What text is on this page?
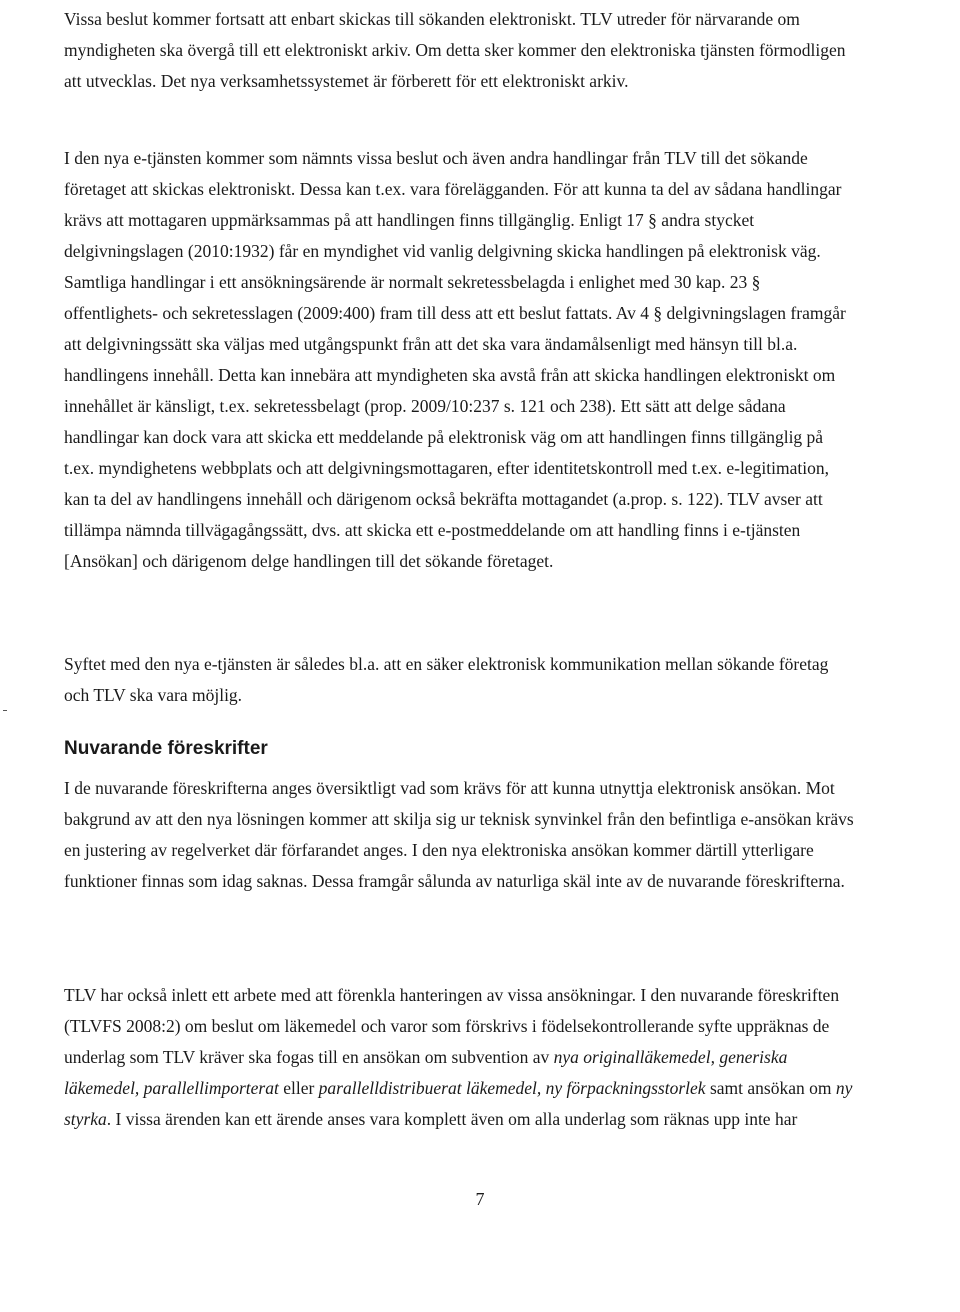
Vissa beslut kommer fortsatt att enbart skickas till sökanden elektroniskt. TLV utreder för närvarande om myndigheten ska övergå till ett elektroniskt arkiv. Om detta sker kommer den elektroniska tjänsten förmodligen att utvecklas. Det nya verksamhetssystemet är förberett för ett elektroniskt arkiv.

I den nya e-tjänsten kommer som nämnts vissa beslut och även andra handlingar från TLV till det sökande företaget att skickas elektroniskt. Dessa kan t.ex. vara förelägganden. För att kunna ta del av sådana handlingar krävs att mottagaren uppmärksammas på att handlingen finns tillgänglig. Enligt 17 § andra stycket delgivningslagen (2010:1932) får en myndighet vid vanlig delgivning skicka handlingen på elektronisk väg. Samtliga handlingar i ett ansökningsärende är normalt sekretessbelagda i enlighet med 30 kap. 23 § offentlighets- och sekretesslagen (2009:400) fram till dess att ett beslut fattats. Av 4 § delgivningslagen framgår att delgivningssätt ska väljas med utgångspunkt från att det ska vara ändamålsenligt med hänsyn till bl.a. handlingens innehåll. Detta kan innebära att myndigheten ska avstå från att skicka handlingen elektroniskt om innehållet är känsligt, t.ex. sekretessbelagt (prop. 2009/10:237 s. 121 och 238). Ett sätt att delge sådana handlingar kan dock vara att skicka ett meddelande på elektronisk väg om att handlingen finns tillgänglig på t.ex. myndighetens webbplats och att delgivningsmottagaren, efter identitetskontroll med t.ex. e-legitimation, kan ta del av handlingens innehåll och därigenom också bekräfta mottagandet (a.prop. s. 122). TLV avser att tillämpa nämnda tillvägagångssätt, dvs. att skicka ett e-postmeddelande om att handling finns i e-tjänsten [Ansökan] och därigenom delge handlingen till det sökande företaget.

Syftet med den nya e-tjänsten är således bl.a. att en säker elektronisk kommunikation mellan sökande företag och TLV ska vara möjlig.

Nuvarande föreskrifter

I de nuvarande föreskrifterna anges översiktligt vad som krävs för att kunna utnyttja elektronisk ansökan. Mot bakgrund av att den nya lösningen kommer att skilja sig ur teknisk synvinkel från den befintliga e-ansökan krävs en justering av regelverket där förfarandet anges. I den nya elektroniska ansökan kommer därtill ytterligare funktioner finnas som idag saknas. Dessa framgår sålunda av naturliga skäl inte av de nuvarande föreskrifterna.

TLV har också inlett ett arbete med att förenkla hanteringen av vissa ansökningar. I den nuvarande föreskriften (TLVFS 2008:2) om beslut om läkemedel och varor som förskrivs i födelsekontrollerande syfte uppräknas de underlag som TLV kräver ska fogas till en ansökan om subvention av nya originalläkemedel, generiska läkemedel, parallellimporterat eller parallelldistribuerat läkemedel, ny förpackningsstorlek samt ansökan om ny styrka. I vissa ärenden kan ett ärende anses vara komplett även om alla underlag som räknas upp inte har

7
